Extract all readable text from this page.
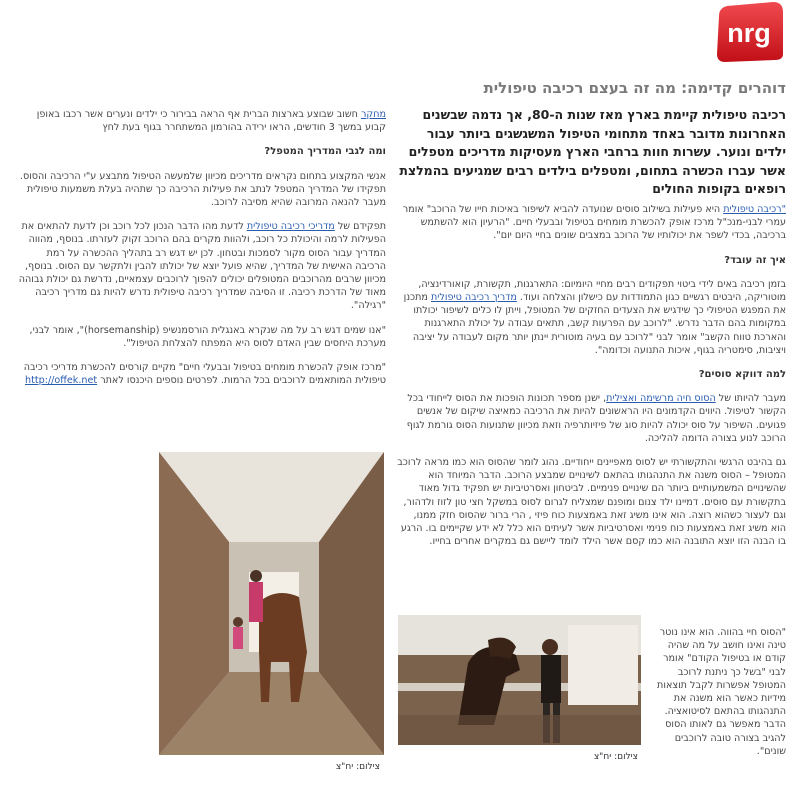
nrg
דוהרים קדימה: מה זה בעצם רכיבה טיפולית

רכיבה טיפולית קיימת בארץ מאז שנות ה-80, אך נדמה שבשנים האחרונות מדובר באחד מתחומי הטיפול המשגשגים ביותר עבור ילדים ונוער. עשרות חוות ברחבי הארץ מעסיקות מדריכים מטפלים אשר עברו הכשרה בתחום, ומטפלים בילדים רבים שמגיעים בהמלצת רופאים בקופות החולים

"רכיבה טיפולית היא פעילות בשילוב סוסים שנועדה להביא לשיפור באיכות חייו של הרוכב" אומר עמרי לבני-מנכ"ל מרכז אופק להכשרת מומחים בטיפול ובבעלי חיים. "הרעיון הוא להשתמש ברכיבה, בכדי לשפר את יכולותיו של הרוכב במצבים שונים בחיי היום יום".

איך זה עובד?

בזמן רכיבה באים לידי ביטוי תפקודים רבים מחיי היומיום: התארגנות, תקשורת, קואורדינציה, מוטוריקה, היבטים רגשיים כגון התמודדות עם כישלון והצלחה ועוד. מדריך רכיבה טיפולית מתכנן את המפגש הטיפולי כך שידגיש את הצעדים החזקים של המטופל, וייתן לו כלים לשיפור יכולתו במקומות בהם הדבר נדרש. "לרוכב עם הפרעות קשב, תתאים עבודה על יכולת התארגנות והארכת טווח הקשב" אומר לבני "לרוכב עם בעיה מוטורית יינתן יותר מקום לעבודה על יציבה ויציבות, סימטריה בגוף, איכות התנועה וכדומה".

למה דווקא סוסים?

מעבר להיותו של הסוס חיה מרשימה ואצילית, ישנן מספר תכונות הופכות את הסוס לייחודי בכל הקשור לטיפול. היווים הקדמונים היו הראשונים להיות את הרכיבה כמאיצה שיקום של אנשים פגועים. השיפור על סוס יכולה להיות סוג של פיזיותרפיה וזאת מכיוון שתנועות הסוס גורמת לגוף הרוכב לנוע בצורה הדומה להליכה.

גם בהיבט הרגשי והתקשורתי יש לסוס מאפיינים ייחודיים. נהוג לומר שהסוס הוא כמו מראה לרוכב המטופל – הסוס משנה את התנהגותו בהתאם לשינויים שמבצע הרוכב. הדבר המיוחד הוא שהשינויים המשמעותיים ביותר הם שינויים פנימיים. לביטחון ואסרטיביות יש תפקיד גדול מאוד בתקשורת עם סוסים. דמיינו ילד צנום ומופנם שמצליח לגרום לסוס במשקל חצי טון לזוז ולדהור, וגם לעצור כשהוא רוצה. הוא אינו משיג זאת באמצעות כוח פיזי , הרי ברור שהסוס חזק ממנו, הוא משיג זאת באמצעות כוח פנימי ואסרטיביות אשר לעיתים הוא כלל לא ידע שקיימים בו. הרגע בו הבנה הזו יוצא התובנה הוא כמו קסם אשר הילד לומד ליישם גם במקרים אחרים בחייו.

צילום: יח"צ
"הסוס חיי בהווה. הוא אינו נוטר טינה ואינו חושב על מה שהיה קודם או בטיפול הקודם" אומר לבני "בשל כך ניתנת לרוכב המטופל אפשרות לקבל תוצאות מידיות כאשר הוא משנה את התנהגותו בהתאם לסיטואציה. הדבר מאפשר גם לאותו הסוס להגיב בצורה טובה לרוכבים שונים".

מחקר חשוב שבוצע בארצות הברית אף הראה בבירור כי ילדים ונערים אשר רכבו באופן קבוע במשך 3 חודשים, הראו ירידה בהורמון המשתחרר בגוף בעת לחץ

ומה לגבי המדריך המטפל?

אנשי המקצוע בתחום נקראים מדריכים מכיוון שלמעשה הטיפול מתבצע ע"י הרכיבה והסוס. תפקידו של המדריך המטפל לנתב את פעילות הרכיבה כך שתהיה בעלת משמעות טיפולית מעבר להנאה המרובה שהיא מסיבה לרוכב.

תפקידם של מדריכי רכיבה טיפולית לדעת מהו הדבר הנכון לכל רוכב וכן לדעת להתאים את הפעילות לרמה והיכולת כל רוכב, ולהוות מקרים בהם הרוכב זקוק לעזרתו. בנוסף, מהווה המדריך עבור הסוס מקור לסמכות ובטחון. לכן יש דגש רב בתהליך ההכשרה על רמת הרכיבה האישית של המדריך, שהיא פועל יוצא של יכולתו להבין ולתקשר עם הסוס. בנוסף, מכיוון שרבים מהרוכבים המטופלים יכולים להפוך לרוכבים עצמאיים, נדרשת גם יכולת גבוהה מאוד של הדרכת רכיבה. זו הסיבה שמדריך רכיבה טיפולית נדרש להיות גם מדריך רכיבה "רגילה".

"אנו שמים דגש רב על מה שנקרא באנגלית הורסמנשיפ (horsemanship)", אומר לבני, מערכת היחסים שבין האדם לסוס היא המפתח להצלחת הטיפול".

"מרכז אופק להכשרת מומחים בטיפול ובבעלי חיים" מקיים קורסים להכשרת מדריכי רכיבה טיפולית המותאמים לרוכבים בכל הרמות. לפרטים נוספים היכנסו לאתר http://offek.net

צילום: יח"צ
